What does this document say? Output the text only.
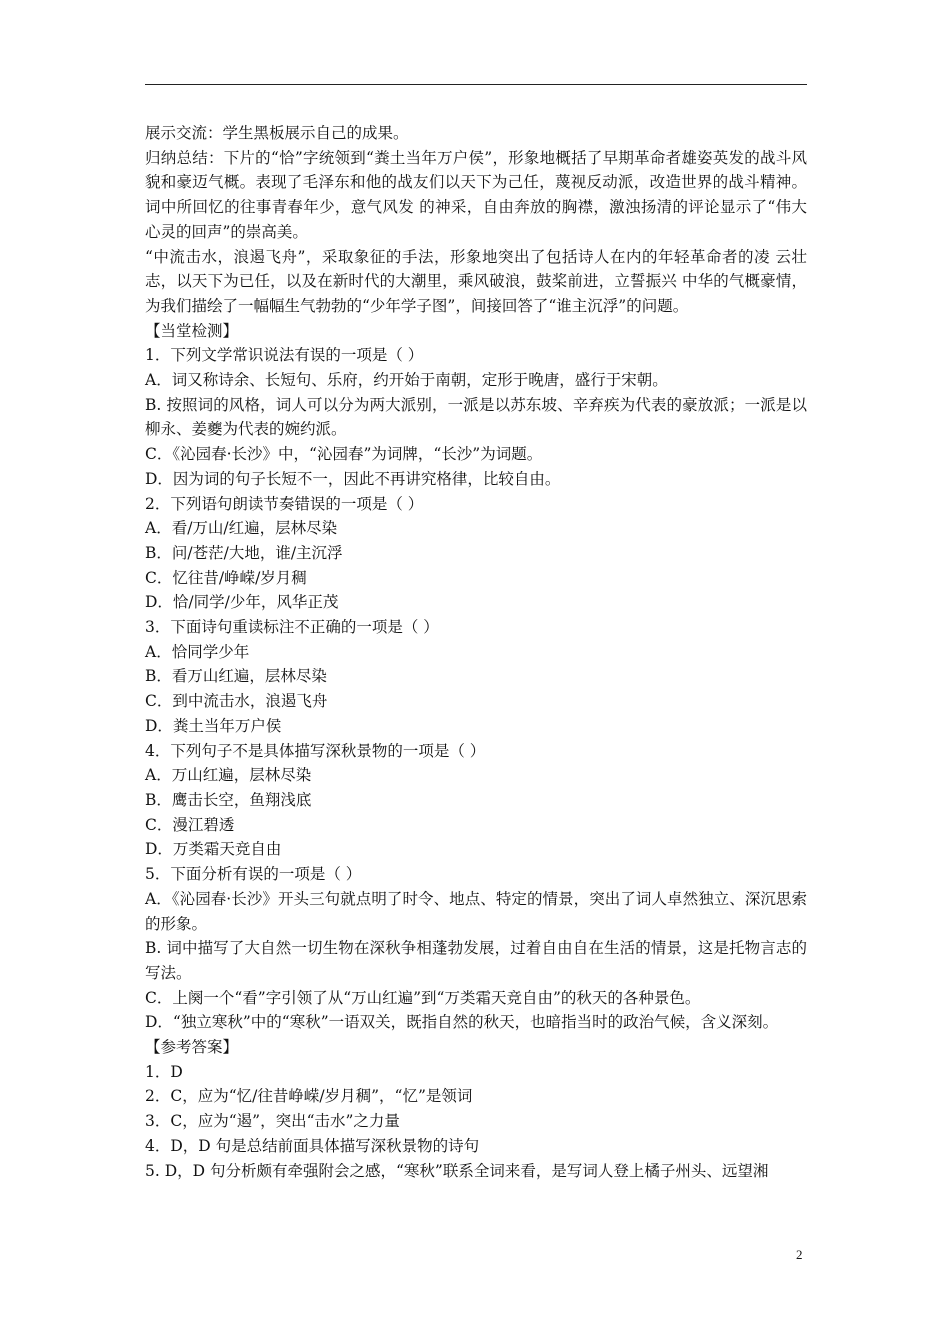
展示交流：学生黑板展示自己的成果。

归纳总结：下片的“恰”字统领到“粪土当年万户侯”，形象地概括了早期革命者雄姿英发的战斗风貌和豪迈气概。表现了毛泽东和他的战友们以天下为己任，蔑视反动派，改造世界的战斗精神。词中所回忆的往事青春年少，意气风发 的神采，自由奔放的胸襟，激浊扬清的评论显示了“伟大心灵的回声”的崇高美。

“中流击水，浪遏飞舟”，采取象征的手法，形象地突出了包括诗人在内的年轻革命者的凌 云壮志，以天下为已任，以及在新时代的大潮里，乘风破浪，鼓桨前进，立誓振兴 中华的气概豪情，为我们描绘了一幅幅生气勃勃的“少年学子图”，间接回答了“谁主沉浮”的问题。

【当堂检测】

1．下列文学常识说法有误的一项是（ ）

A．词又称诗余、长短句、乐府，约开始于南朝，定形于晚唐，盛行于宋朝。

B. 按照词的风格，词人可以分为两大派别，一派是以苏东坡、辛弃疾为代表的豪放派；一派是以柳永、姜夔为代表的婉约派。

C．《沁园春·长沙》中，“沁园春”为词牌，“长沙”为词题。

D．因为词的句子长短不一，因此不再讲究格律，比较自由。

2．下列语句朗读节奏错误的一项是（ ）

A．看/万山/红遍，层林尽染

B．问/苍茫/大地，谁/主沉浮

C．忆往昔/峥嵘/岁月稠

D．恰/同学/少年，风华正茂

3．下面诗句重读标注不正确的一项是（ ）

A．恰同学少年

B．看万山红遍，层林尽染

C．到中流击水，浪遏飞舟

D．粪土当年万户侯

4．下列句子不是具体描写深秋景物的一项是（ ）

A．万山红遍，层林尽染

B．鹰击长空，鱼翔浅底

C．漫江碧透

D．万类霜天竞自由

5．下面分析有误的一项是（ ）

A．《沁园春·长沙》开头三句就点明了时令、地点、特定的情景，突出了词人卓然独立、深沉思索的形象。

B. 词中描写了大自然一切生物在深秋争相蓬勃发展，过着自由自在生活的情景，这是托物言志的写法。

C．上阕一个“看”字引领了从“万山红遍”到“万类霜天竞自由”的秋天的各种景色。

D．“独立寒秋”中的“寒秋”一语双关，既指自然的秋天，也暗指当时的政治气候，含义深刻。

【参考答案】

1．D

2．C，应为“忆/往昔峥嵘/岁月稠”，“忆”是领词

3．C，应为“遏”，突出“击水”之力量

4．D，D 句是总结前面具体描写深秋景物的诗句

5. D，D 句分析颇有牵强附会之感，“寒秋”联系全词来看，是写词人登上橘子州头、远望湘

2
